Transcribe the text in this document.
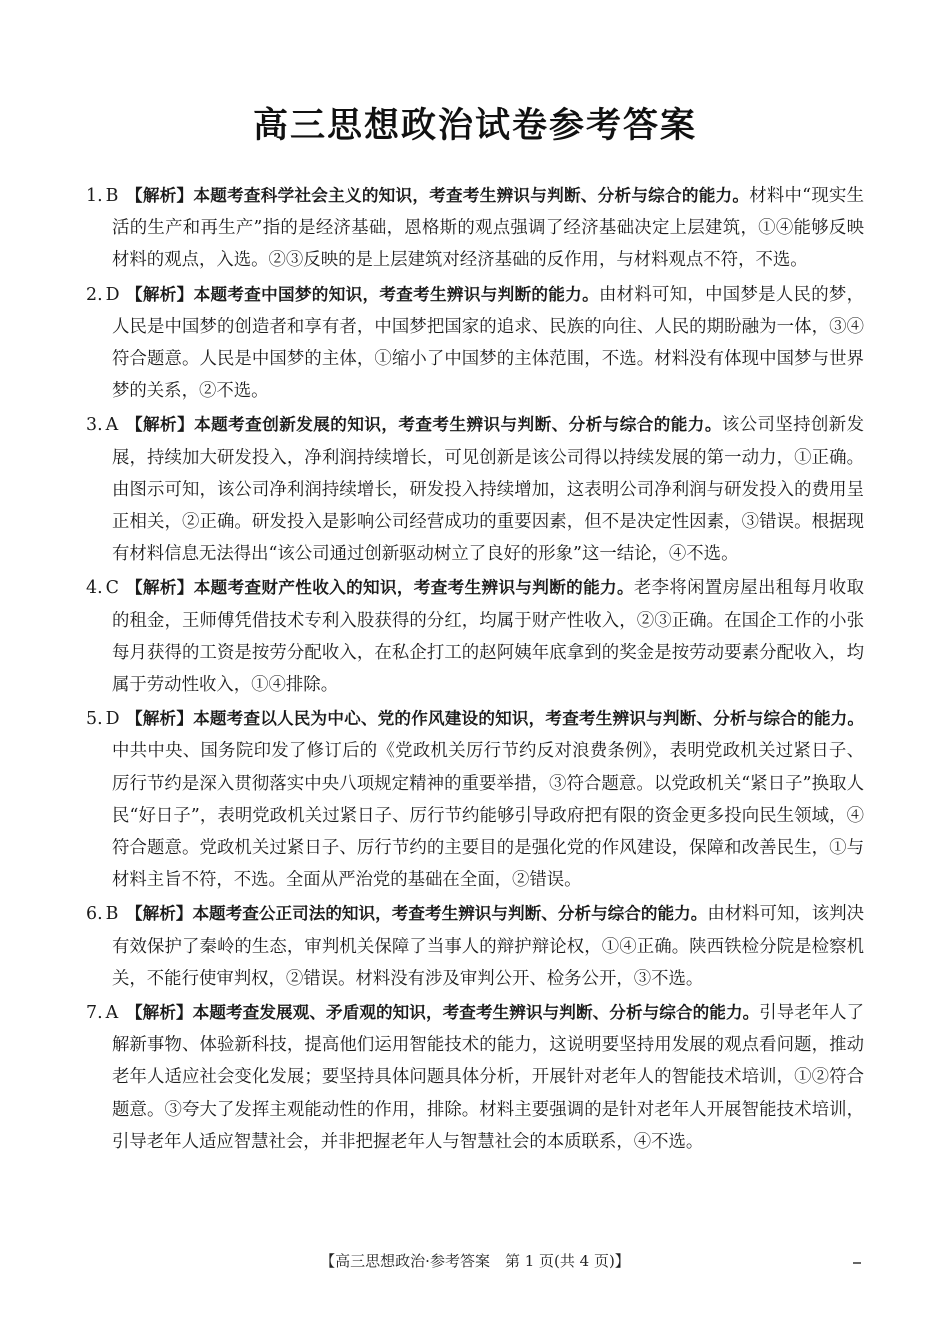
高三思想政治试卷参考答案
1. B 【解析】本题考查科学社会主义的知识，考查考生辨识与判断、分析与综合的能力。材料中“现实生活的生产和再生产”指的是经济基础，恩格斯的观点强调了经济基础决定上层建筑，①④能够反映材料的观点，入选。②③反映的是上层建筑对经济基础的反作用，与材料观点不符，不选。
2. D 【解析】本题考查中国梦的知识，考查考生辨识与判断的能力。由材料可知，中国梦是人民的梦，人民是中国梦的创造者和享有者，中国梦把国家的追求、民族的向往、人民的期盼融为一体，③④符合题意。人民是中国梦的主体，①缩小了中国梦的主体范围，不选。材料没有体现中国梦与世界梦的关系，②不选。
3. A 【解析】本题考查创新发展的知识，考查考生辨识与判断、分析与综合的能力。该公司坚持创新发展，持续加大研发投入，净利润持续增长，可见创新是该公司得以持续发展的第一动力，①正确。由图示可知，该公司净利润持续增长，研发投入持续增加，这表明公司净利润与研发投入的费用呈正相关，②正确。研发投入是影响公司经营成功的重要因素，但不是决定性因素，③错误。根据现有材料信息无法得出“该公司通过创新驱动树立了良好的形象”这一结论，④不选。
4. C 【解析】本题考查财产性收入的知识，考查考生辨识与判断的能力。老李将闲置房屋出租每月收取的租金，王师傅凭借技术专利入股获得的分红，均属于财产性收入，②③正确。在国企工作的小张每月获得的工资是按劳分配收入，在私企打工的赵阿姨年底拿到的奖金是按劳动要素分配收入，均属于劳动性收入，①④排除。
5. D 【解析】本题考查以人民为中心、党的作风建设的知识，考查考生辨识与判断、分析与综合的能力。中共中央、国务院印发了修订后的《党政机关厉行节约反对浪费条例》，表明党政机关过紧日子、厉行节约是深入贯彻落实中央八项规定精神的重要举措，③符合题意。以党政机关“紧日子”换取人民“好日子”，表明党政机关过紧日子、厉行节约能够引导政府把有限的资金更多投向民生领域，④符合题意。党政机关过紧日子、厉行节约的主要目的是强化党的作风建设，保障和改善民生，①与材料主旨不符，不选。全面从严治党的基础在全面，②错误。
6. B 【解析】本题考查公正司法的知识，考查考生辨识与判断、分析与综合的能力。由材料可知，该判决有效保护了秦岭的生态，审判机关保障了当事人的辩护辩论权，①④正确。陕西铁检分院是检察机关，不能行使审判权，②错误。材料没有涉及审判公开、检务公开，③不选。
7. A 【解析】本题考查发展观、矛盾观的知识，考查考生辨识与判断、分析与综合的能力。引导老年人了解新事物、体验新科技，提高他们运用智能技术的能力，这说明要坚持用发展的观点看问题，推动老年人适应社会变化发展；要坚持具体问题具体分析，开展针对老年人的智能技术培训，①②符合题意。③夸大了发挥主观能动性的作用，排除。材料主要强调的是针对老年人开展智能技术培训，引导老年人适应智慧社会，并非把握老年人与智慧社会的本质联系，④不选。
【高三思想政治·参考答案　第 1 页(共 4 页)】
